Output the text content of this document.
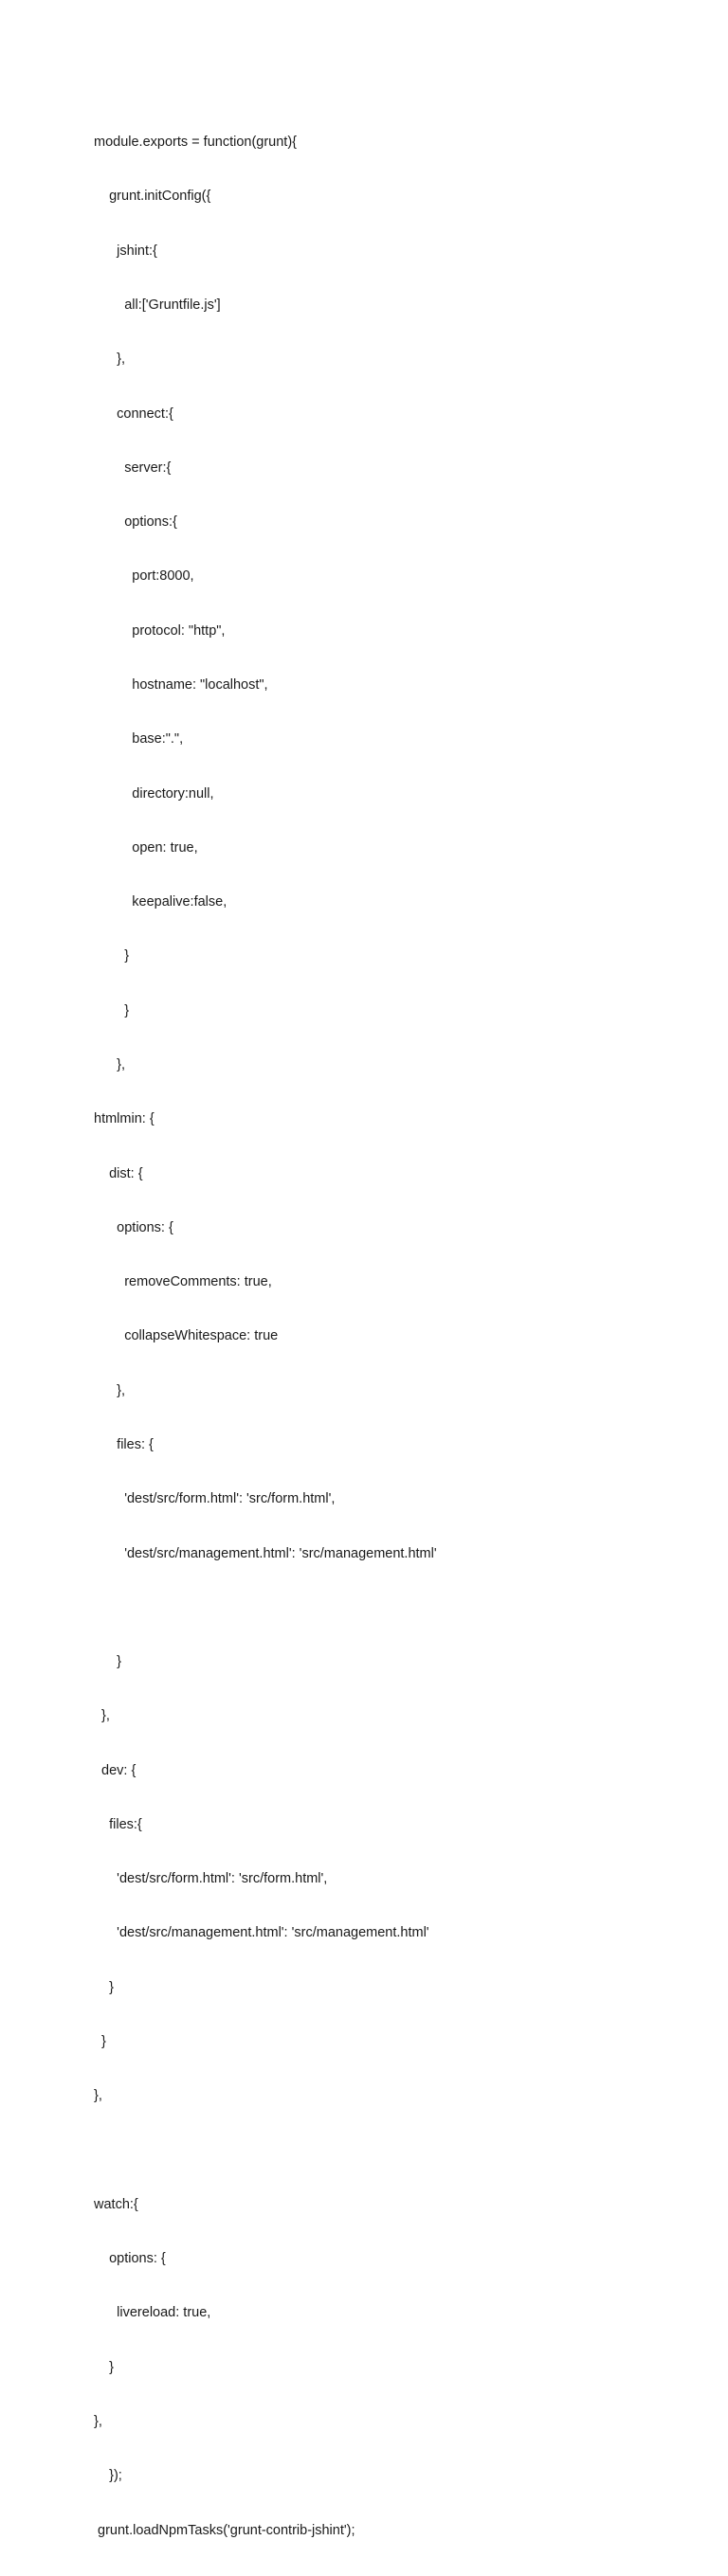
module.exports = function(grunt){

grunt.initConfig({

jshint:{

all:['Gruntfile.js']

},

connect:{

server:{

options:{

port:8000,

protocol: "http",

hostname: "localhost",

base:".",

directory:null,

open: true,

keepalive:false,

}

}

},

htmlmin: {

dist: {

options: {

removeComments: true,

collapseWhitespace: true

},

files: {

'dest/src/form.html': 'src/form.html',

'dest/src/management.html': 'src/management.html'

}

},

dev: {

files:{

'dest/src/form.html': 'src/form.html',

'dest/src/management.html': 'src/management.html'

}

}

},

watch:{

options: {

livereload: true,

}

},

});

grunt.loadNpmTasks('grunt-contrib-jshint');
